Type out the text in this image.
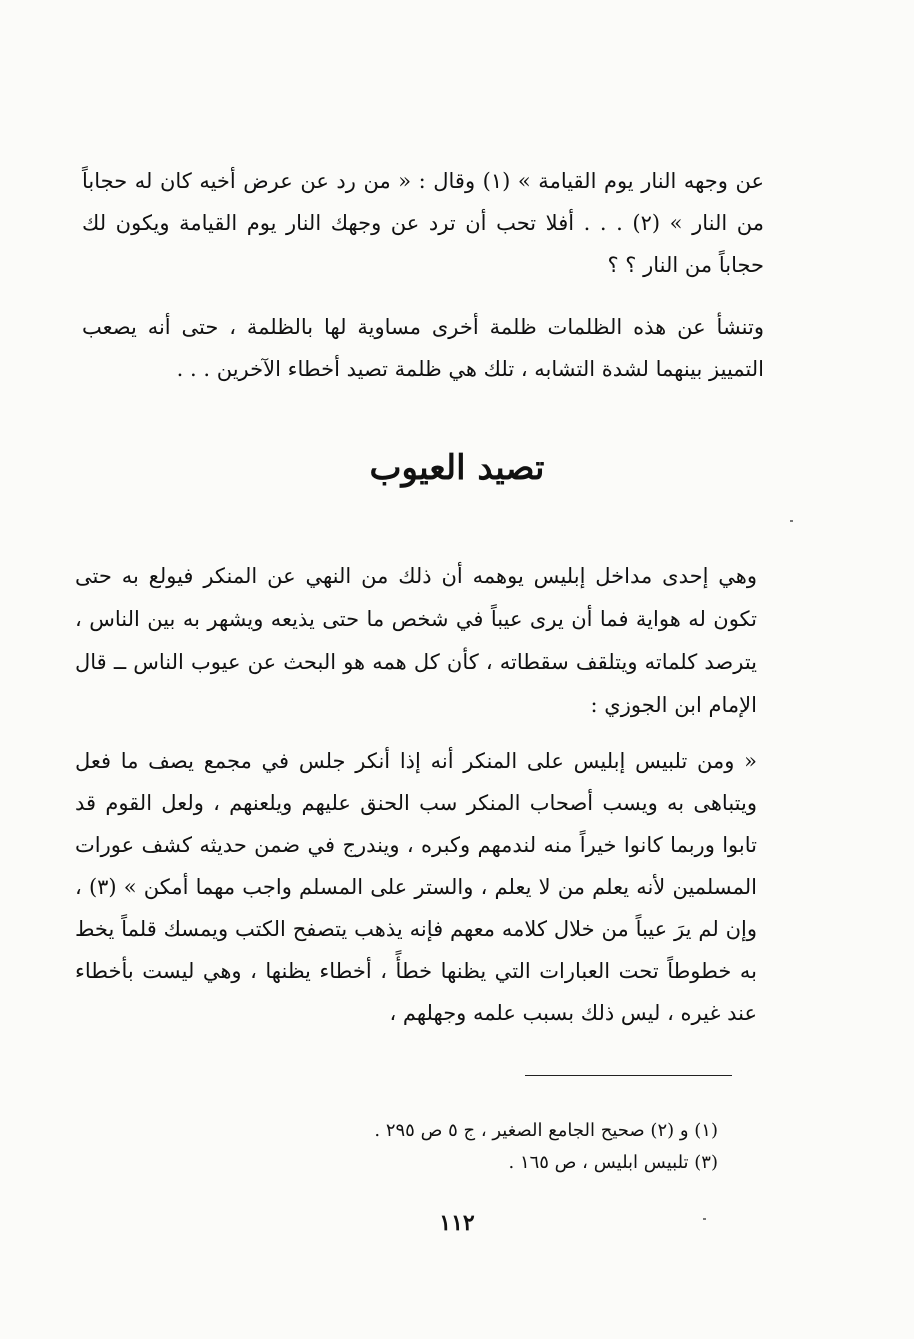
عن وجهه النار يوم القيامة » (١) وقال : « من رد عن عرض أخيه كان له حجاباً من النار » (٢) . . . أفلا تحب أن ترد عن وجهك النار يوم القيامة ويكون لك حجاباً من النار ؟ ؟

وتنشأ عن هذه الظلمات ظلمة أخرى مساوية لها بالظلمة ، حتى أنه يصعب التمييز بينهما لشدة التشابه ، تلك هي ظلمة تصيد أخطاء الآخرين . . .

تصيد العيوب

وهي إحدى مداخل إبليس يوهمه أن ذلك من النهي عن المنكر فيولع به حتى تكون له هواية فما أن يرى عيباً في شخص ما حتى يذيعه ويشهر به بين الناس ، يترصد كلماته ويتلقف سقطاته ، كأن كل همه هو البحث عن عيوب الناس ــ قال الإمام ابن الجوزي :

« ومن تلبيس إبليس على المنكر أنه إذا أنكر جلس في مجمع يصف ما فعل ويتباهى به ويسب أصحاب المنكر سب الحنق عليهم ويلعنهم ، ولعل القوم قد تابوا وربما كانوا خيراً منه لندمهم وكبره ، ويندرج في ضمن حديثه كشف عورات المسلمين لأنه يعلم من لا يعلم ، والستر على المسلم واجب مهما أمكن » (٣) ، وإن لم يرَ عيباً من خلال كلامه معهم فإنه يذهب يتصفح الكتب ويمسك قلماً يخط به خطوطاً تحت العبارات التي يظنها خطأً ، أخطاء يظنها ، وهي ليست بأخطاء عند غيره ، ليس ذلك بسبب علمه وجهلهم ،

(١) و (٢) صحيح الجامع الصغير ، ج ٥ ص ٢٩٥ .
(٣) تلبيس ابليس ، ص ١٦٥ .
١١٢
